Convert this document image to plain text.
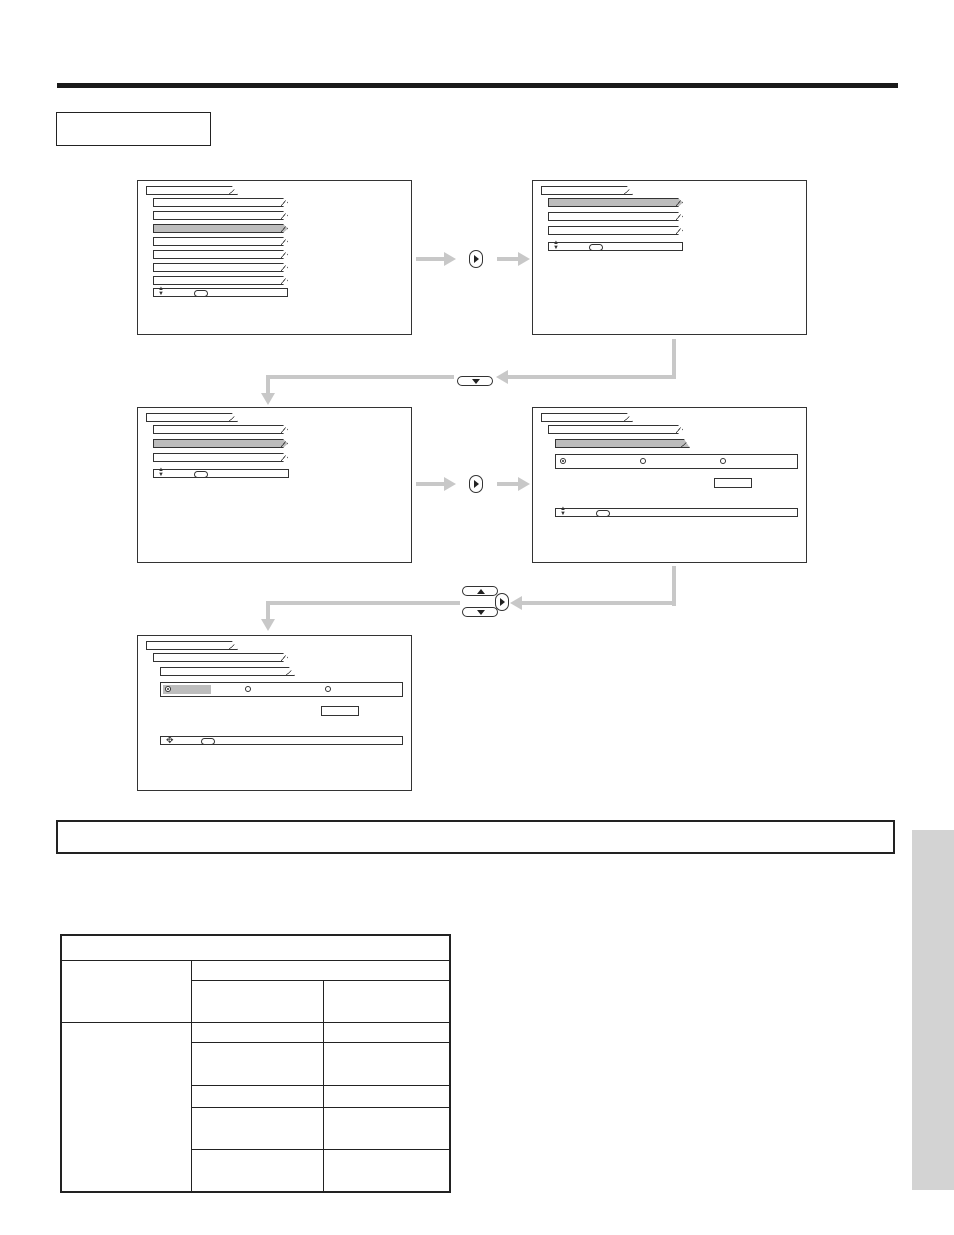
▲
▼
▲
▼
▲
▼
▲
▼
✥
